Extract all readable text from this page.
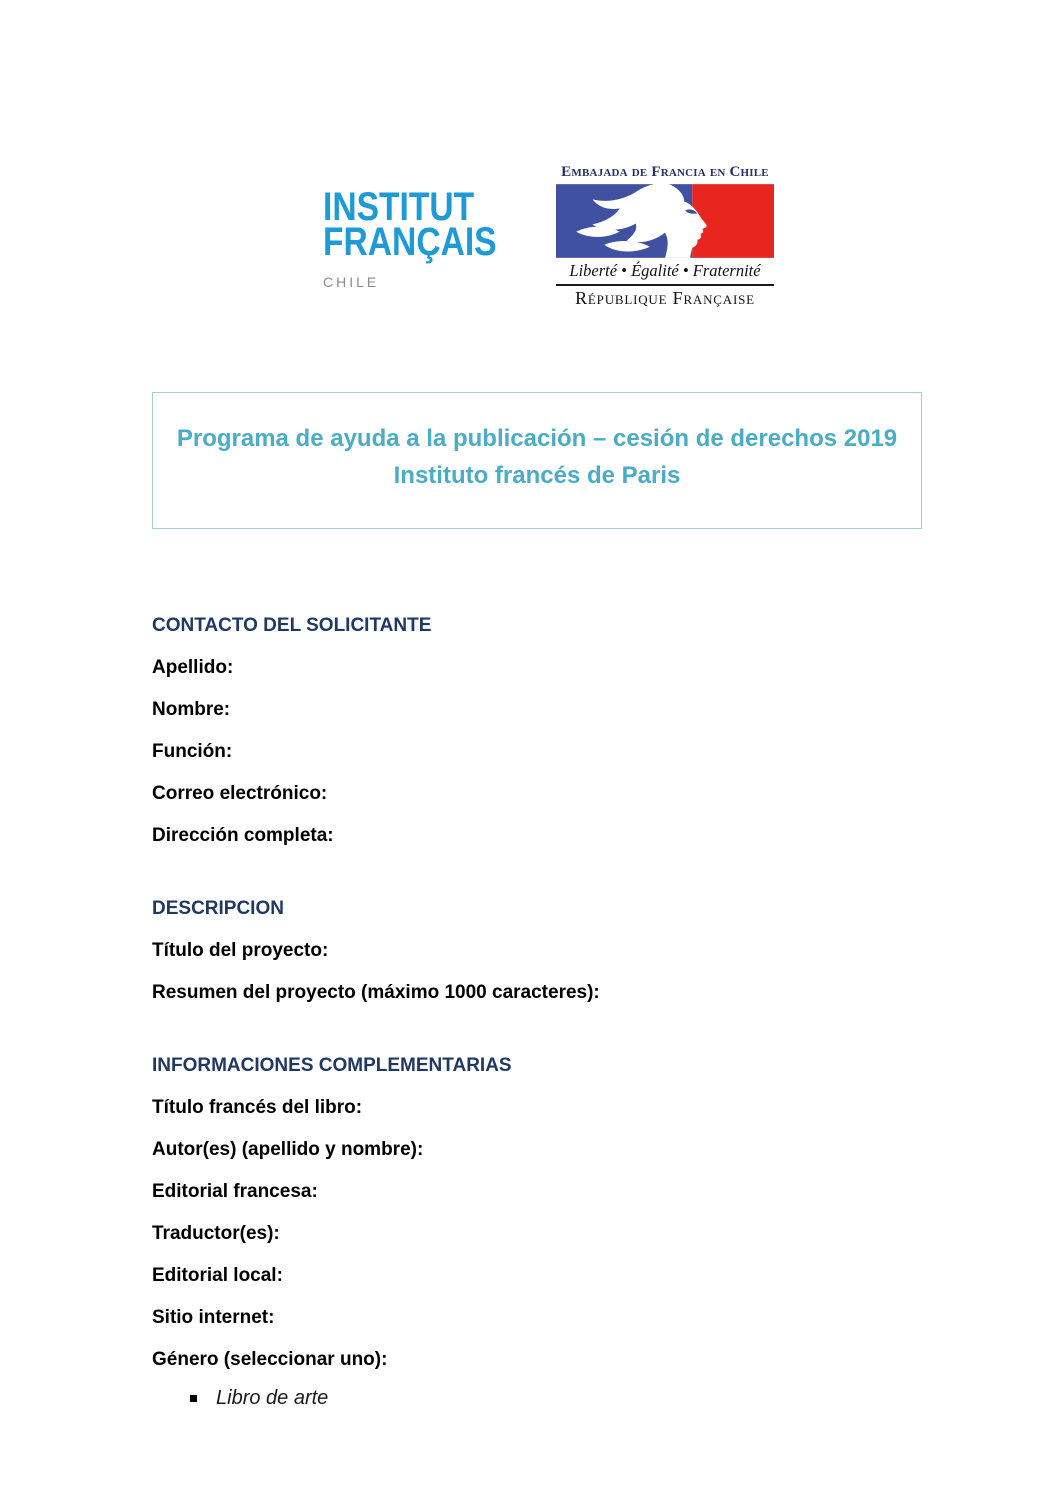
INSTITUT
FRANÇAIS
CHILE
Embajada de Francia en Chile
Liberté • Égalité • Fraternité
République Française
Programa de ayuda a la publicación – cesión de derechos 2019
Instituto francés de Paris
CONTACTO DEL SOLICITANTE

Apellido:

Nombre:

Función:

Correo electrónico:

Dirección completa:

DESCRIPCION

Título del proyecto:

Resumen del proyecto (máximo 1000 caracteres):

INFORMACIONES COMPLEMENTARIAS

Título francés del libro:

Autor(es) (apellido y nombre):

Editorial francesa:

Traductor(es):

Editorial local:

Sitio internet:

Género (seleccionar uno):

Libro de arte
